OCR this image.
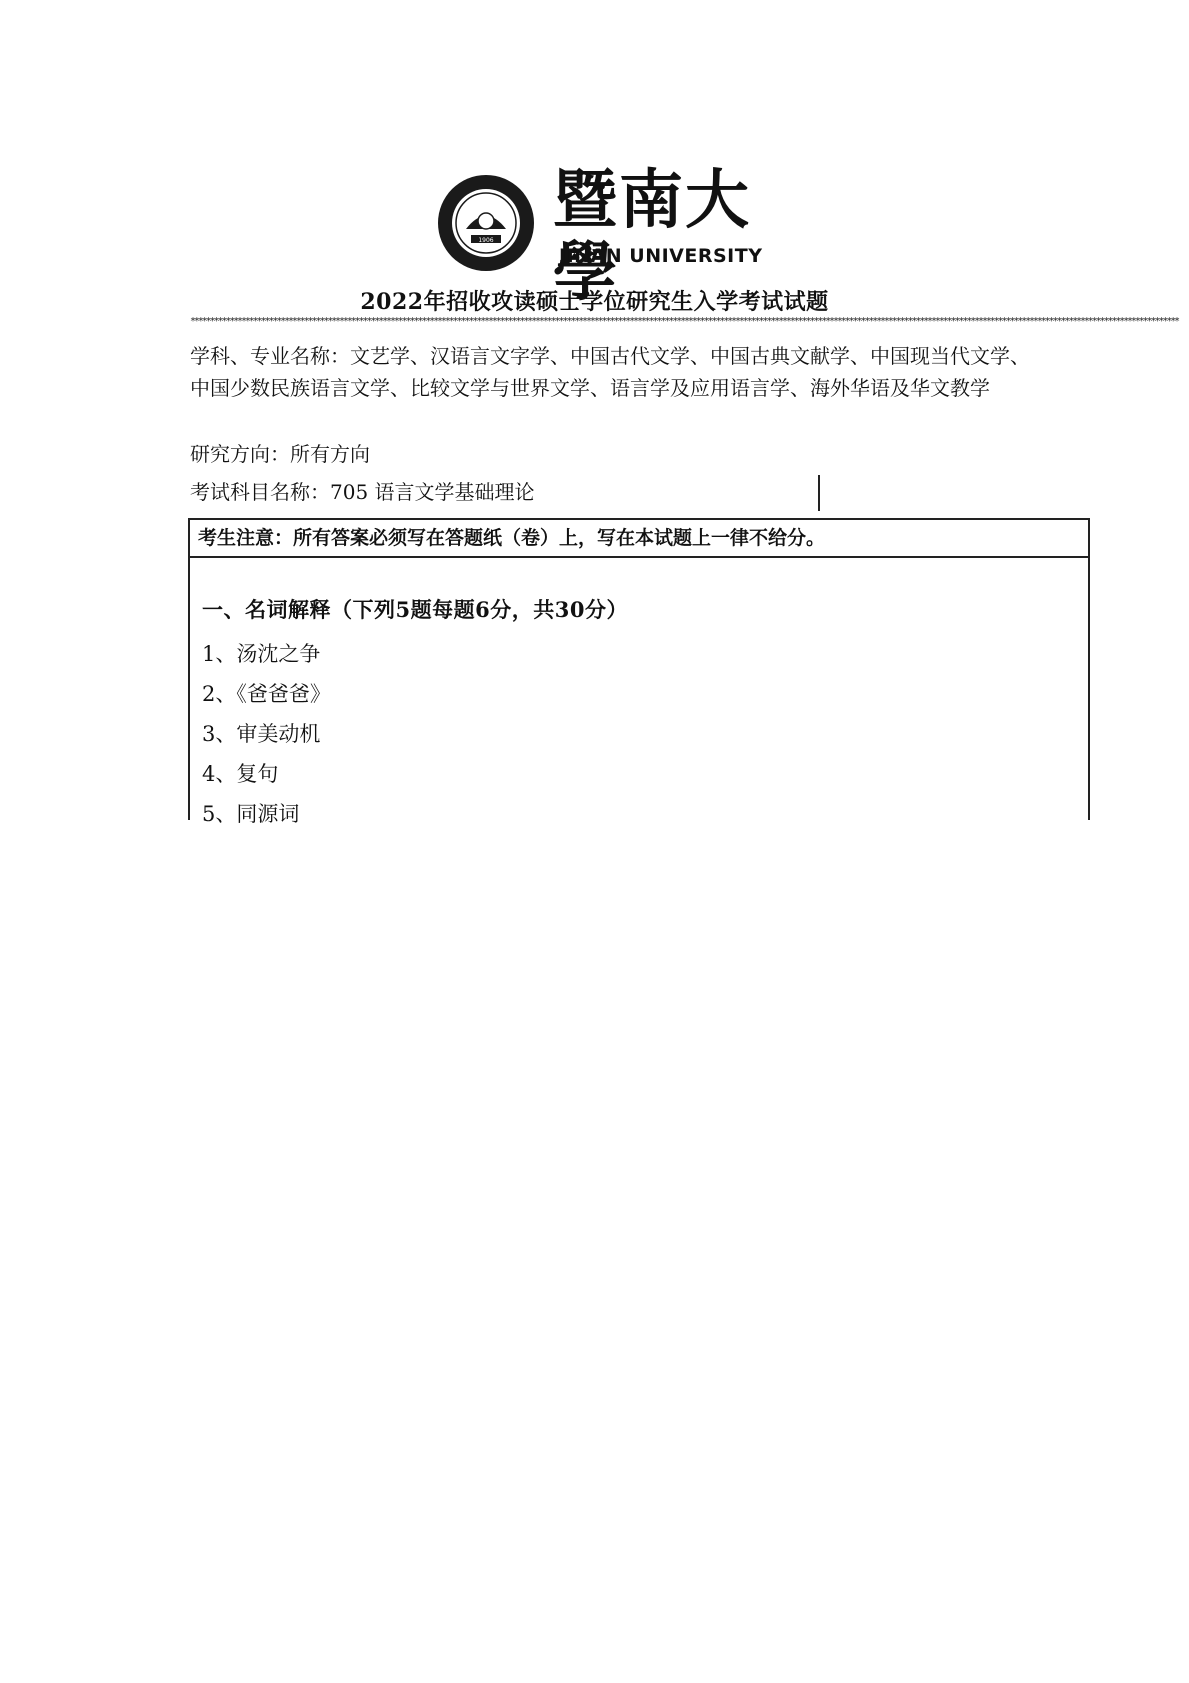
1906
暨南大學
JINAN UNIVERSITY
2022年招收攻读硕士学位研究生入学考试试题
************************************************************************************************************************************************************************************************************************************************************
学科、专业名称：文艺学、汉语言文字学、中国古代文学、中国古典文献学、中国现当代文学、中国少数民族语言文学、比较文学与世界文学、语言学及应用语言学、海外华语及华文教学
研究方向：所有方向
考试科目名称：705 语言文学基础理论
考生注意：所有答案必须写在答题纸（卷）上，写在本试题上一律不给分。
一、名词解释（下列5题每题6分，共30分）
1、汤沈之争
2、《爸爸爸》
3、审美动机
4、复句
5、同源词
